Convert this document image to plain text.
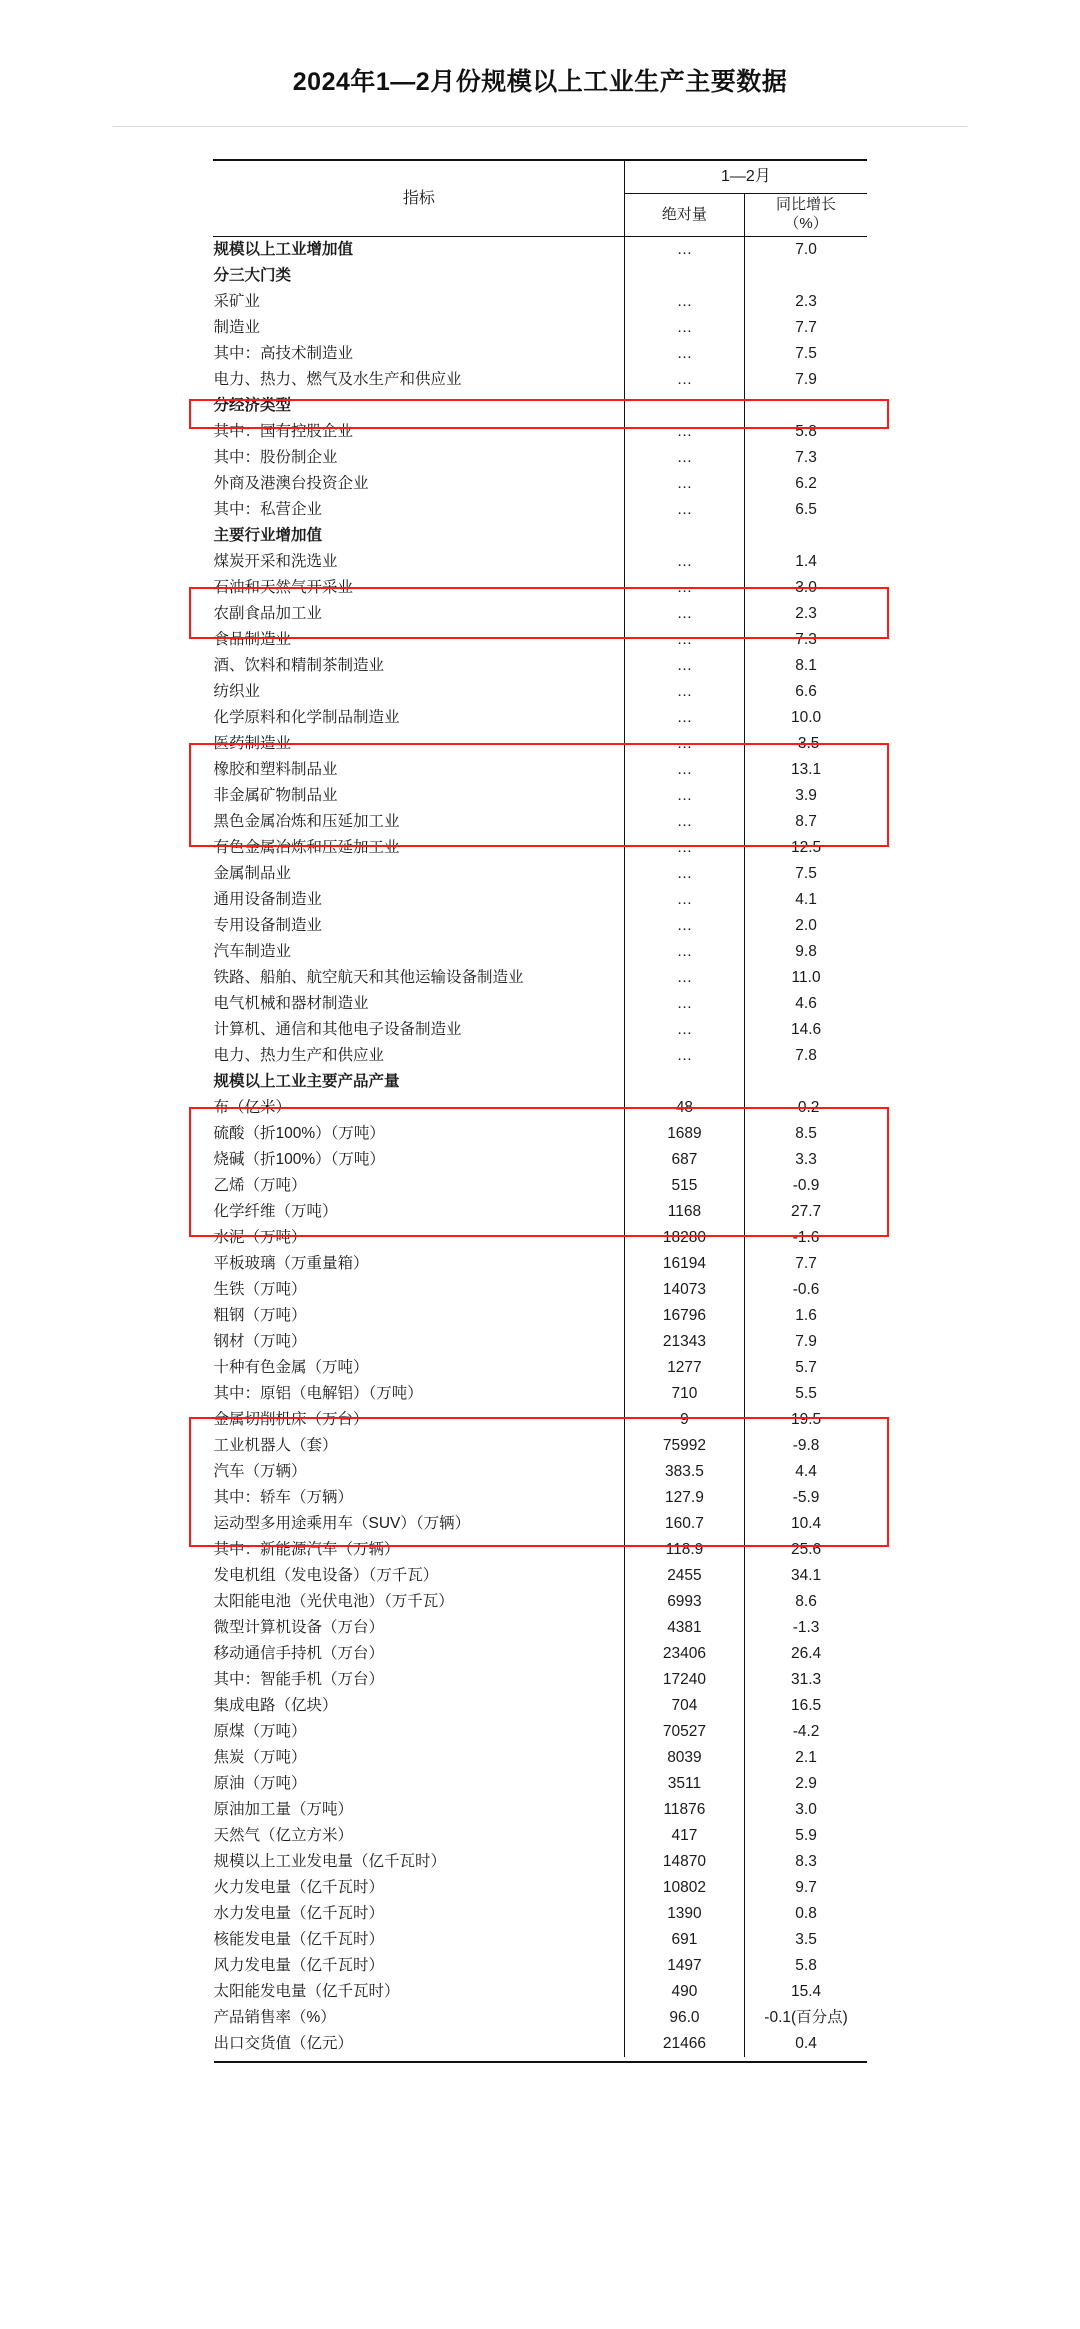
2024年1—2月份规模以上工业生产主要数据
指标	1—2月	
	绝对量	同比增长
（%）
规模以上工业增加值	…	7.0
分三大门类		
采矿业	…	2.3
制造业	…	7.7
其中：高技术制造业	…	7.5
电力、热力、燃气及水生产和供应业	…	7.9
分经济类型		
其中：国有控股企业	…	5.8
其中：股份制企业	…	7.3
外商及港澳台投资企业	…	6.2
其中：私营企业	…	6.5
主要行业增加值		
煤炭开采和洗选业	…	1.4
石油和天然气开采业	…	3.0
农副食品加工业	…	2.3
食品制造业	…	7.3
酒、饮料和精制茶制造业	…	8.1
纺织业	…	6.6
化学原料和化学制品制造业	…	10.0
医药制造业	…	-3.5
橡胶和塑料制品业	…	13.1
非金属矿物制品业	…	3.9
黑色金属冶炼和压延加工业	…	8.7
有色金属冶炼和压延加工业	…	12.5
金属制品业	…	7.5
通用设备制造业	…	4.1
专用设备制造业	…	2.0
汽车制造业	…	9.8
铁路、船舶、航空航天和其他运输设备制造业	…	11.0
电气机械和器材制造业	…	4.6
计算机、通信和其他电子设备制造业	…	14.6
电力、热力生产和供应业	…	7.8
规模以上工业主要产品产量		
布（亿米）	48	-0.2
硫酸（折100%）（万吨）	1689	8.5
烧碱（折100%）（万吨）	687	3.3
乙烯（万吨）	515	-0.9
化学纤维（万吨）	1168	27.7
水泥（万吨）	18280	-1.6
平板玻璃（万重量箱）	16194	7.7
生铁（万吨）	14073	-0.6
粗钢（万吨）	16796	1.6
钢材（万吨）	21343	7.9
十种有色金属（万吨）	1277	5.7
其中：原铝（电解铝）（万吨）	710	5.5
金属切削机床（万台）	9	19.5
工业机器人（套）	75992	-9.8
汽车（万辆）	383.5	4.4
其中：轿车（万辆）	127.9	-5.9
运动型多用途乘用车（SUV）（万辆）	160.7	10.4
其中：新能源汽车（万辆）	118.9	25.6
发电机组（发电设备）（万千瓦）	2455	34.1
太阳能电池（光伏电池）（万千瓦）	6993	8.6
微型计算机设备（万台）	4381	-1.3
移动通信手持机（万台）	23406	26.4
其中：智能手机（万台）	17240	31.3
集成电路（亿块）	704	16.5
原煤（万吨）	70527	-4.2
焦炭（万吨）	8039	2.1
原油（万吨）	3511	2.9
原油加工量（万吨）	11876	3.0
天然气（亿立方米）	417	5.9
规模以上工业发电量（亿千瓦时）	14870	8.3
火力发电量（亿千瓦时）	10802	9.7
水力发电量（亿千瓦时）	1390	0.8
核能发电量（亿千瓦时）	691	3.5
风力发电量（亿千瓦时）	1497	5.8
太阳能发电量（亿千瓦时）	490	15.4
产品销售率（%）	96.0	-0.1(百分点)
出口交货值（亿元）	21466	0.4
